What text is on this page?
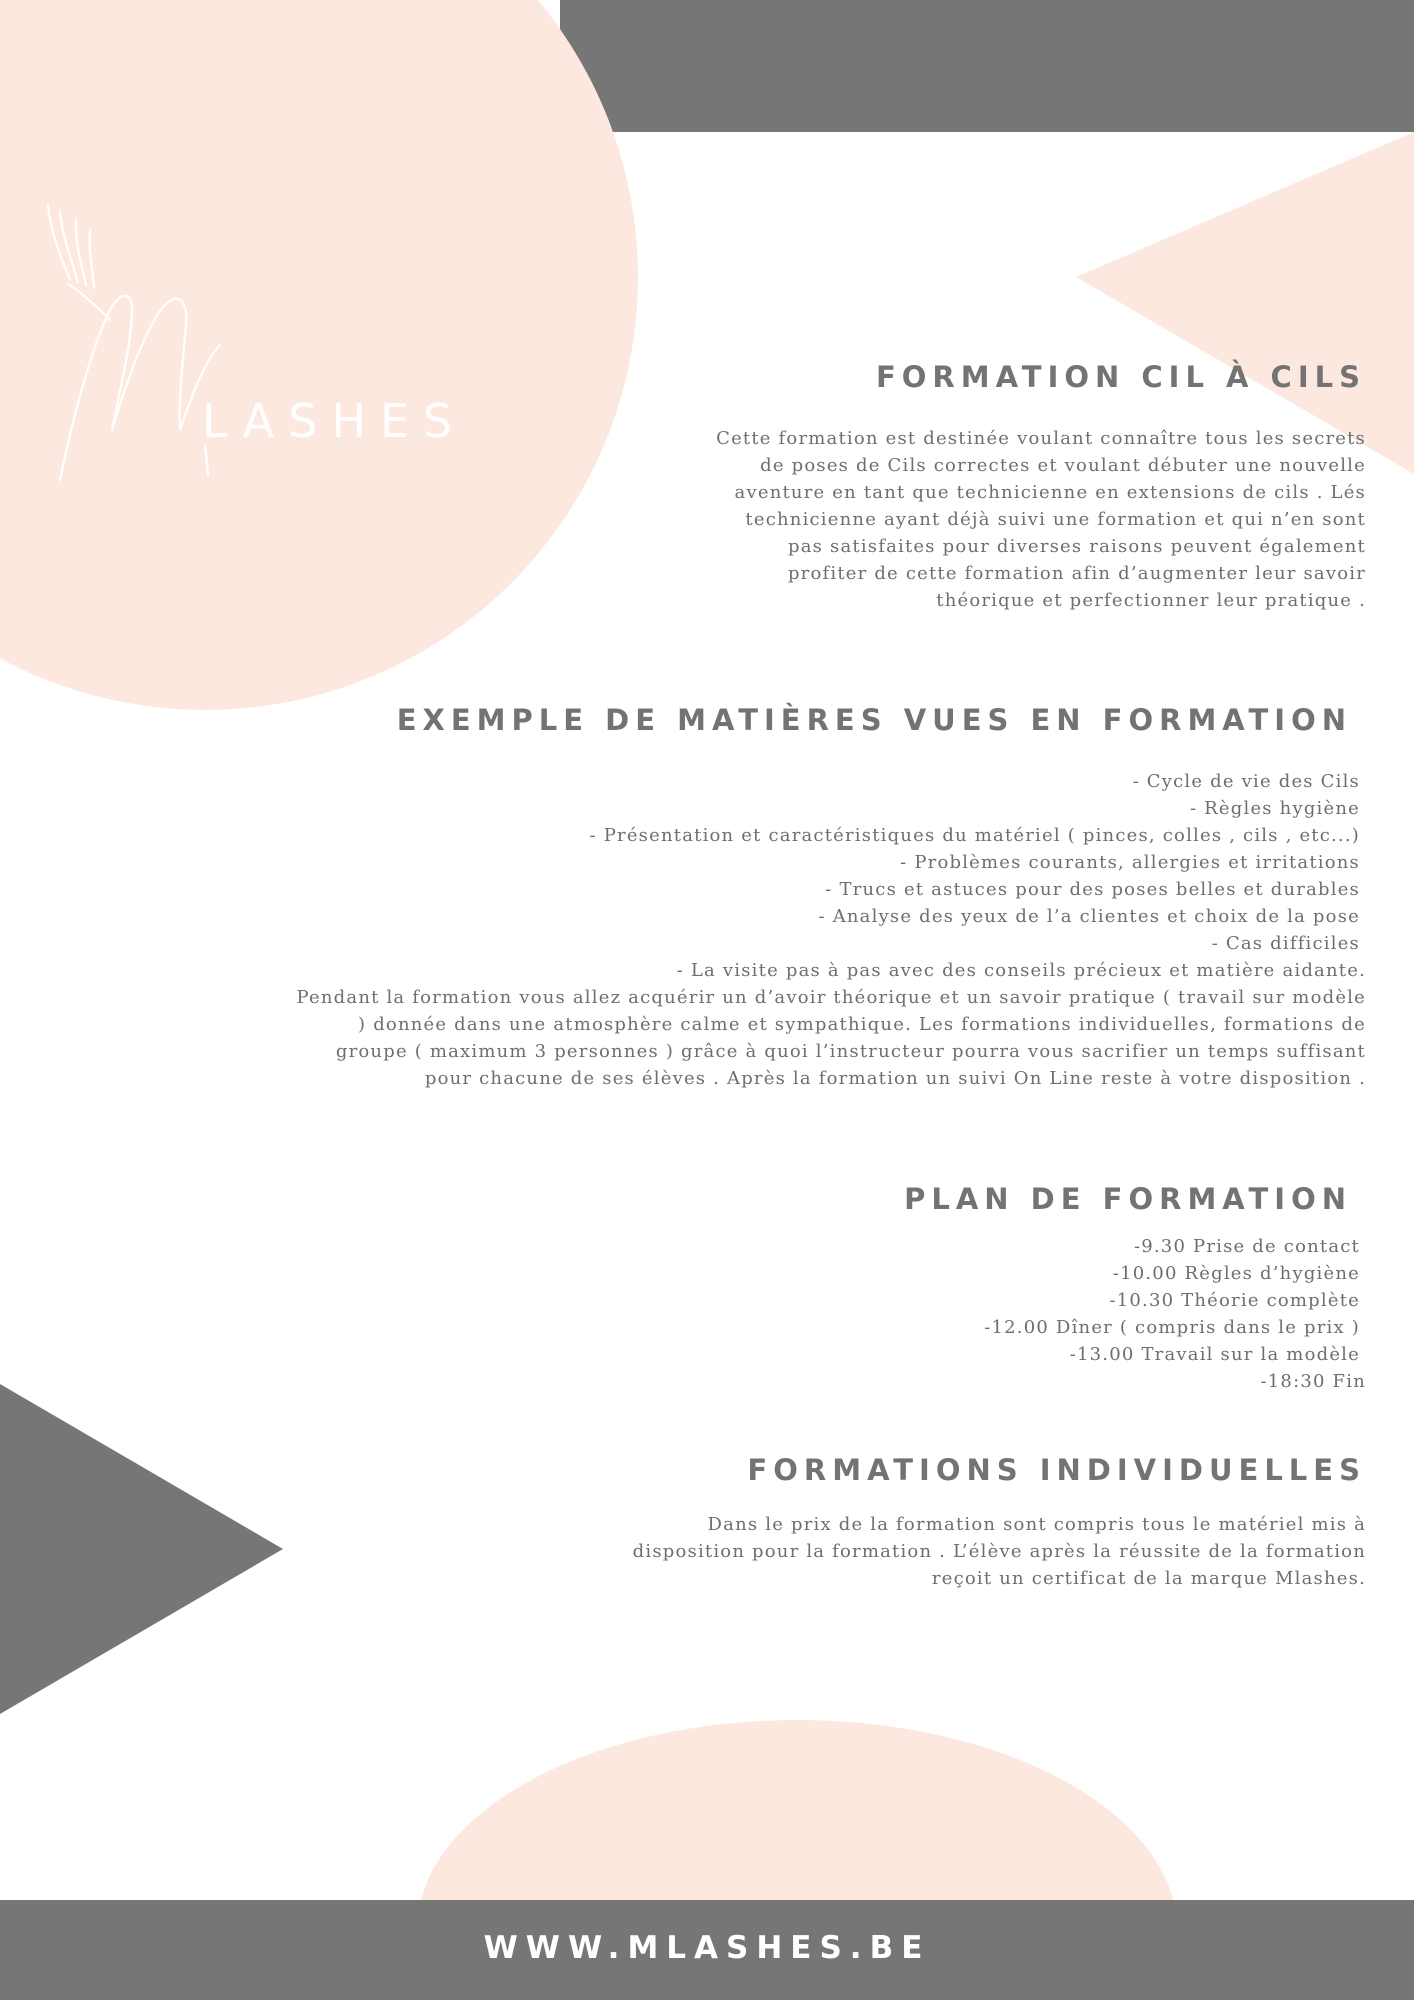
LASHES
FORMATION CIL À CILS
Cette formation est destinée voulant connaître tous les secrets
de poses de Cils correctes et voulant débuter une nouvelle
aventure en tant que technicienne en extensions de cils . Lés
technicienne ayant déjà suivi une formation et qui n’en sont
pas satisfaites pour diverses raisons peuvent également
profiter de cette formation afin d’augmenter leur savoir
théorique et perfectionner leur pratique .
EXEMPLE DE MATIÈRES VUES EN FORMATION
- Cycle de vie des Cils
- Règles hygiène
- Présentation et caractéristiques du matériel ( pinces, colles , cils , etc...)
- Problèmes courants, allergies et irritations
- Trucs et astuces pour des poses belles et durables
- Analyse des yeux de l’a clientes et choix de la pose
- Cas difficiles
- La visite pas à pas avec des conseils précieux et matière aidante.
Pendant la formation vous allez acquérir un d’avoir théorique et un savoir pratique ( travail sur modèle
) donnée dans une atmosphère calme et sympathique. Les formations individuelles, formations de
groupe ( maximum 3 personnes ) grâce à quoi l’instructeur pourra vous sacrifier un temps suffisant
pour chacune de ses élèves . Après la formation un suivi On Line reste à votre disposition .
PLAN DE FORMATION
-9.30 Prise de contact
-10.00 Règles d’hygiène
-10.30 Théorie complète
-12.00 Dîner ( compris dans le prix )
-13.00 Travail sur la modèle
-18:30 Fin
FORMATIONS INDIVIDUELLES
Dans le prix de la formation sont compris tous le matériel mis à
disposition pour la formation . L’élève après la réussite de la formation
reçoit un certificat de la marque Mlashes.
WWW.MLASHES.BE
